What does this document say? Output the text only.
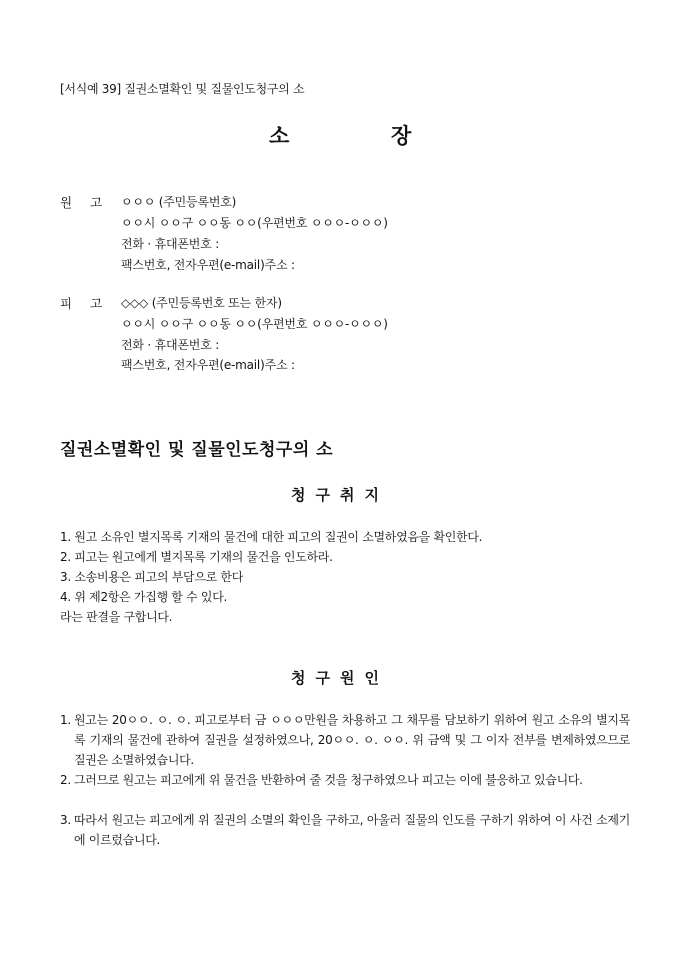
[서식예 39] 질권소멸확인 및 질물인도청구의 소
소	장
원 고 ㅇㅇㅇ (주민등록번호)
ㅇㅇ시 ㅇㅇ구 ㅇㅇ동 ㅇㅇ(우편번호 ㅇㅇㅇ-ㅇㅇㅇ)
전화 · 휴대폰번호 :
팩스번호, 전자우편(e-mail)주소 :
피 고 ◇◇◇ (주민등록번호 또는 한자)
ㅇㅇ시 ㅇㅇ구 ㅇㅇ동 ㅇㅇ(우편번호 ㅇㅇㅇ-ㅇㅇㅇ)
전화 · 휴대폰번호 :
팩스번호, 전자우편(e-mail)주소 :
질권소멸확인 및 질물인도청구의 소
청구취지
1. 원고 소유인 별지목록 기재의 물건에 대한 피고의 질권이 소멸하였음을 확인한다.
2. 피고는 원고에게 별지목록 기재의 물건을 인도하라.
3. 소송비용은 피고의 부담으로 한다
4. 위 제2항은 가집행 할 수 있다.
라는 판결을 구합니다.
청구원인
1. 원고는 20ㅇㅇ. ㅇ. ㅇ. 피고로부터 금 ㅇㅇㅇ만원을 차용하고 그 채무를 담보하기 위하여 원고 소유의 별지목록 기재의 물건에 관하여 질권을 설정하였으나, 20ㅇㅇ. ㅇ. ㅇㅇ. 위 금액 및 그 이자 전부를 변제하였으므로 질권은 소멸하였습니다.
2. 그러므로 원고는 피고에게 위 물건을 반환하여 줄 것을 청구하였으나 피고는 이에 불응하고 있습니다.
3. 따라서 원고는 피고에게 위 질권의 소멸의 확인을 구하고, 아울러 질물의 인도를 구하기 위하여 이 사건 소제기에 이르렀습니다.
